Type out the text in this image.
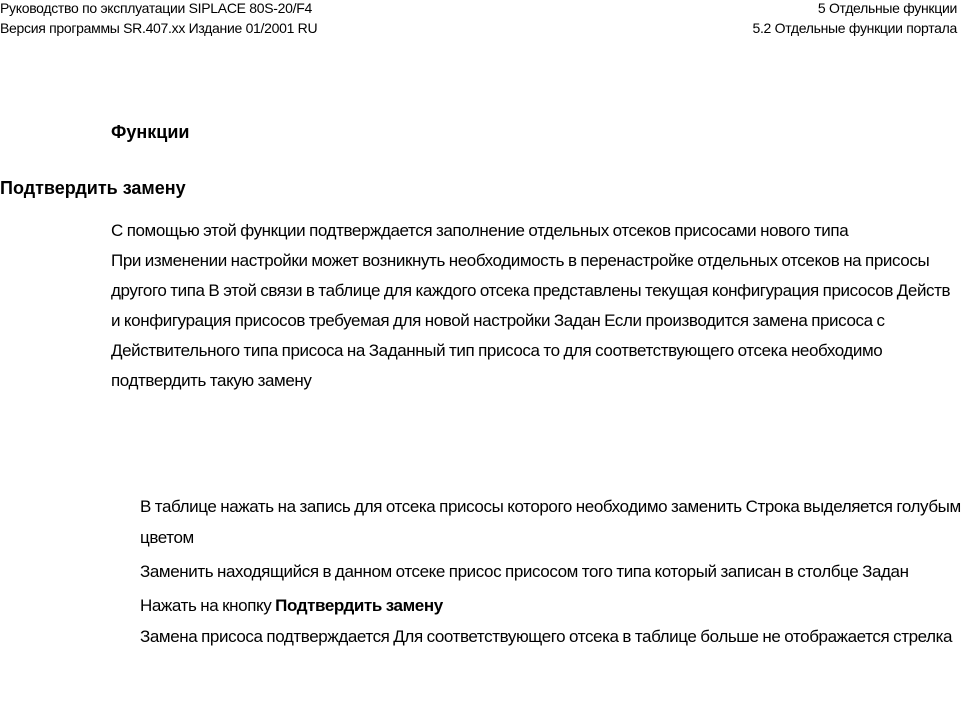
Руководство по эксплуатации SIPLACE 80S-20/F4
Версия программы SR.407.xx Издание 01/2001 RU
5 Отдельные функции
5.2 Отдельные функции портала
Функции
Подтвердить замену

С помощью этой функции подтверждается заполнение отдельных отсеков присосами нового типа

При изменении настройки может возникнуть необходимость в перенастройке отдельных отсеков на присосы другого типа В этой связи в таблице для каждого отсека представлены текущая конфигурация присосов Действ и конфигурация присосов требуемая для новой настройки Задан Если производится замена присоса с Действительного типа присоса на Заданный тип присоса то для соответствующего отсека необходимо подтвердить такую замену

В таблице нажать на запись для отсека присосы которого необходимо заменить Строка выделяется голубым цветом

Заменить находящийся в данном отсеке присос присосом того типа который записан в столбце Задан

Нажать на кнопку Подтвердить замену

Замена присоса подтверждается Для соответствующего отсека в таблице больше не отображается стрелка
